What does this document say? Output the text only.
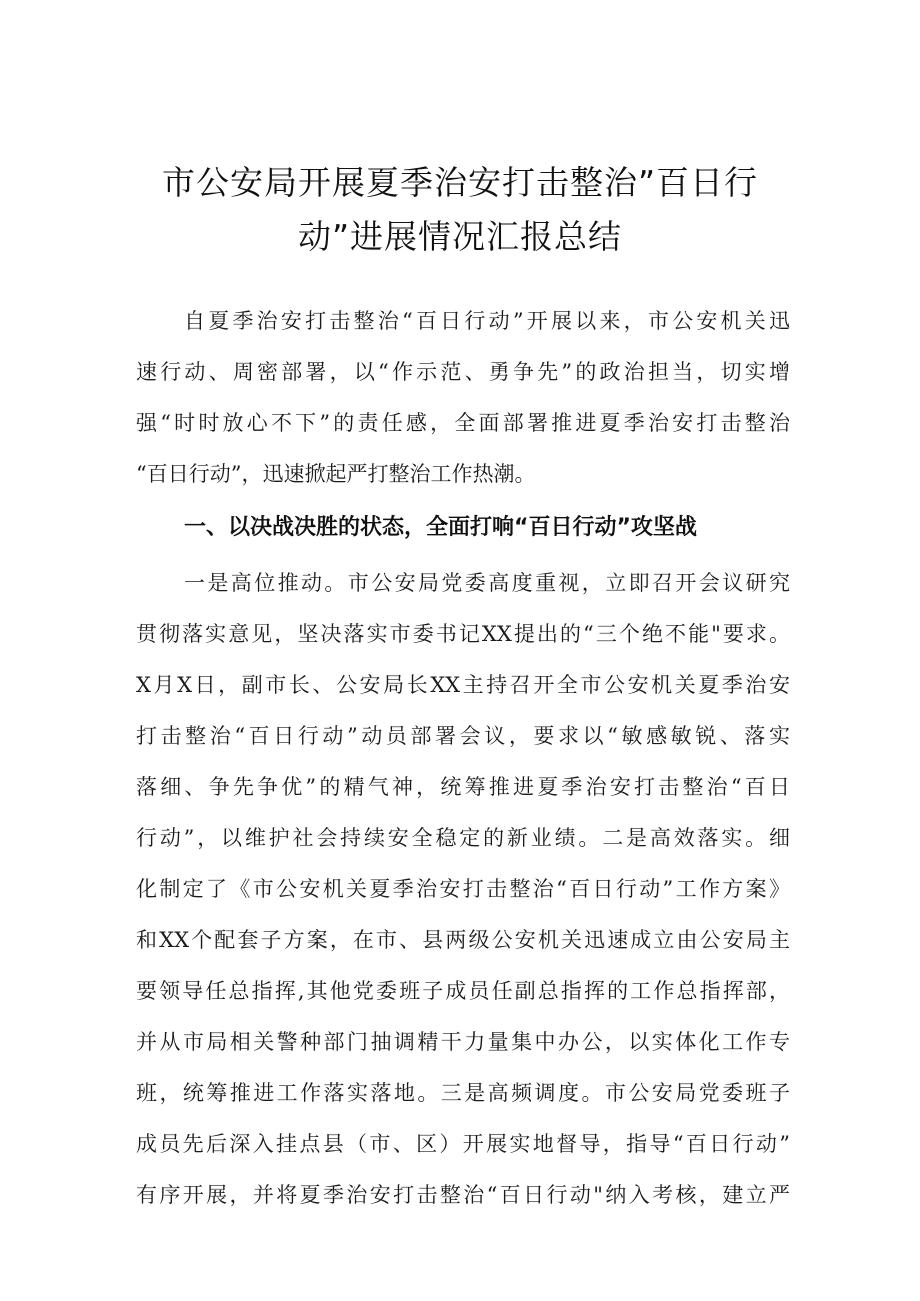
市公安局开展夏季治安打击整治”百日行
动”进展情况汇报总结
自夏季治安打击整治“百日行动”开展以来，市公安机关迅
速行动、周密部署，以“作示范、勇争先”的政治担当，切实增
强“时时放心不下”的责任感，全面部署推进夏季治安打击整治
“百日行动”，迅速掀起严打整治工作热潮。
一、以决战决胜的状态，全面打响“百日行动”攻坚战
一是高位推动。市公安局党委高度重视，立即召开会议研究
贯彻落实意见，坚决落实市委书记XX提出的“三个绝不能"要求。
X月X日，副市长、公安局长XX主持召开全市公安机关夏季治安
打击整治“百日行动”动员部署会议，要求以“敏感敏锐、落实
落细、争先争优”的精气神，统筹推进夏季治安打击整治“百日
行动”，以维护社会持续安全稳定的新业绩。二是高效落实。细
化制定了《市公安机关夏季治安打击整治“百日行动”工作方案》
和XX个配套子方案，在市、县两级公安机关迅速成立由公安局主
要领导任总指挥,其他党委班子成员任副总指挥的工作总指挥部，
并从市局相关警种部门抽调精干力量集中办公，以实体化工作专
班，统筹推进工作落实落地。三是高频调度。市公安局党委班子
成员先后深入挂点县（市、区）开展实地督导，指导“百日行动”
有序开展，并将夏季治安打击整治“百日行动"纳入考核，建立严
